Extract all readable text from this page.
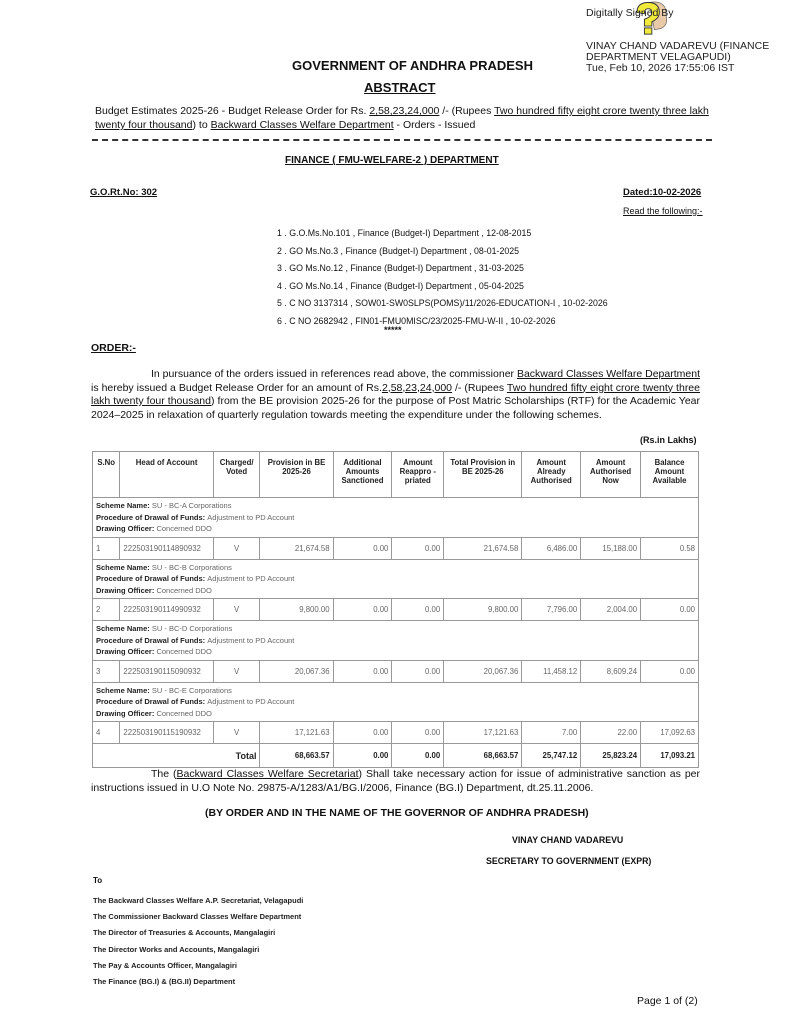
Digitally Signed By
VINAY CHAND VADAREVU (FINANCE
DEPARTMENT VELAGAPUDI)
Tue, Feb 10, 2026 17:55:06 IST
GOVERNMENT OF ANDHRA PRADESH
ABSTRACT
Budget Estimates 2025-26 - Budget Release Order for Rs. 2,58,23,24,000 /- (Rupees Two hundred fifty eight crore twenty three lakh twenty four thousand) to Backward Classes Welfare Department - Orders - Issued
FINANCE ( FMU-WELFARE-2 ) DEPARTMENT
G.O.Rt.No: 302	Dated:10-02-2026
Read the following:-
1 . G.O.Ms.No.101 , Finance (Budget-I) Department , 12-08-2015
2 . GO Ms.No.3 , Finance (Budget-I) Department , 08-01-2025
3 . GO Ms.No.12 , Finance (Budget-I) Department , 31-03-2025
4 . GO Ms.No.14 , Finance (Budget-I) Department , 05-04-2025
5 . C NO 3137314 , SOW01-SW0SLPS(POMS)/11/2026-EDUCATION-I , 10-02-2026
6 . C NO 2682942 , FIN01-FMU0MISC/23/2025-FMU-W-II , 10-02-2026
*****
ORDER:-
In pursuance of the orders issued in references read above, the commissioner Backward Classes Welfare Department is hereby issued a Budget Release Order for an amount of Rs.2,58,23,24,000 /- (Rupees Two hundred fifty eight crore twenty three lakh twenty four thousand) from the BE provision 2025-26 for the purpose of Post Matric Scholarships (RTF) for the Academic Year 2024–2025 in relaxation of quarterly regulation towards meeting the expenditure under the following schemes.
(Rs.in Lakhs)
S.No	Head of Account	Charged/ Voted	Provision in BE 2025-26	Additional Amounts Sanctioned	Amount Reappro -priated	Total Provision in BE 2025-26	Amount Already Authorised	Amount Authorised Now	Balance Amount Available

Scheme Name: SU - BC-A Corporations
Procedure of Drawal of Funds: Adjustment to PD Account
Drawing Officer: Concerned DDO									

1	222503190114890932	V	21,674.58	0.00	0.00	21,674.58	6,486.00	15,188.00	0.58

Scheme Name: SU - BC-B Corporations
Procedure of Drawal of Funds: Adjustment to PD Account
Drawing Officer: Concerned DDO									

2	222503190114990932	V	9,800.00	0.00	0.00	9,800.00	7,796.00	2,004.00	0.00

Scheme Name: SU - BC-D Corporations
Procedure of Drawal of Funds: Adjustment to PD Account
Drawing Officer: Concerned DDO									

3	222503190115090932	V	20,067.36	0.00	0.00	20,067.36	11,458.12	8,609.24	0.00

Scheme Name: SU - BC-E Corporations
Procedure of Drawal of Funds: Adjustment to PD Account
Drawing Officer: Concerned DDO									

4	222503190115190932	V	17,121.63	0.00	0.00	17,121.63	7.00	22.00	17,092.63
Total			68,663.57	0.00	0.00	68,663.57	25,747.12	25,823.24	17,093.21
The (Backward Classes Welfare Secretariat) Shall take necessary action for issue of administrative sanction as per instructions issued in U.O Note No. 29875-A/1283/A1/BG.I/2006, Finance (BG.I) Department, dt.25.11.2006.
(BY ORDER AND IN THE NAME OF THE GOVERNOR OF ANDHRA PRADESH)
VINAY CHAND VADAREVU
SECRETARY TO GOVERNMENT (EXPR)
To
The Backward Classes Welfare A.P. Secretariat, Velagapudi
The Commissioner Backward Classes Welfare Department
The Director of Treasuries & Accounts, Mangalagiri
The Director Works and Accounts, Mangalagiri
The Pay & Accounts Officer, Mangalagiri
The Finance (BG.I) & (BG.II) Department
Page 1 of (2)
